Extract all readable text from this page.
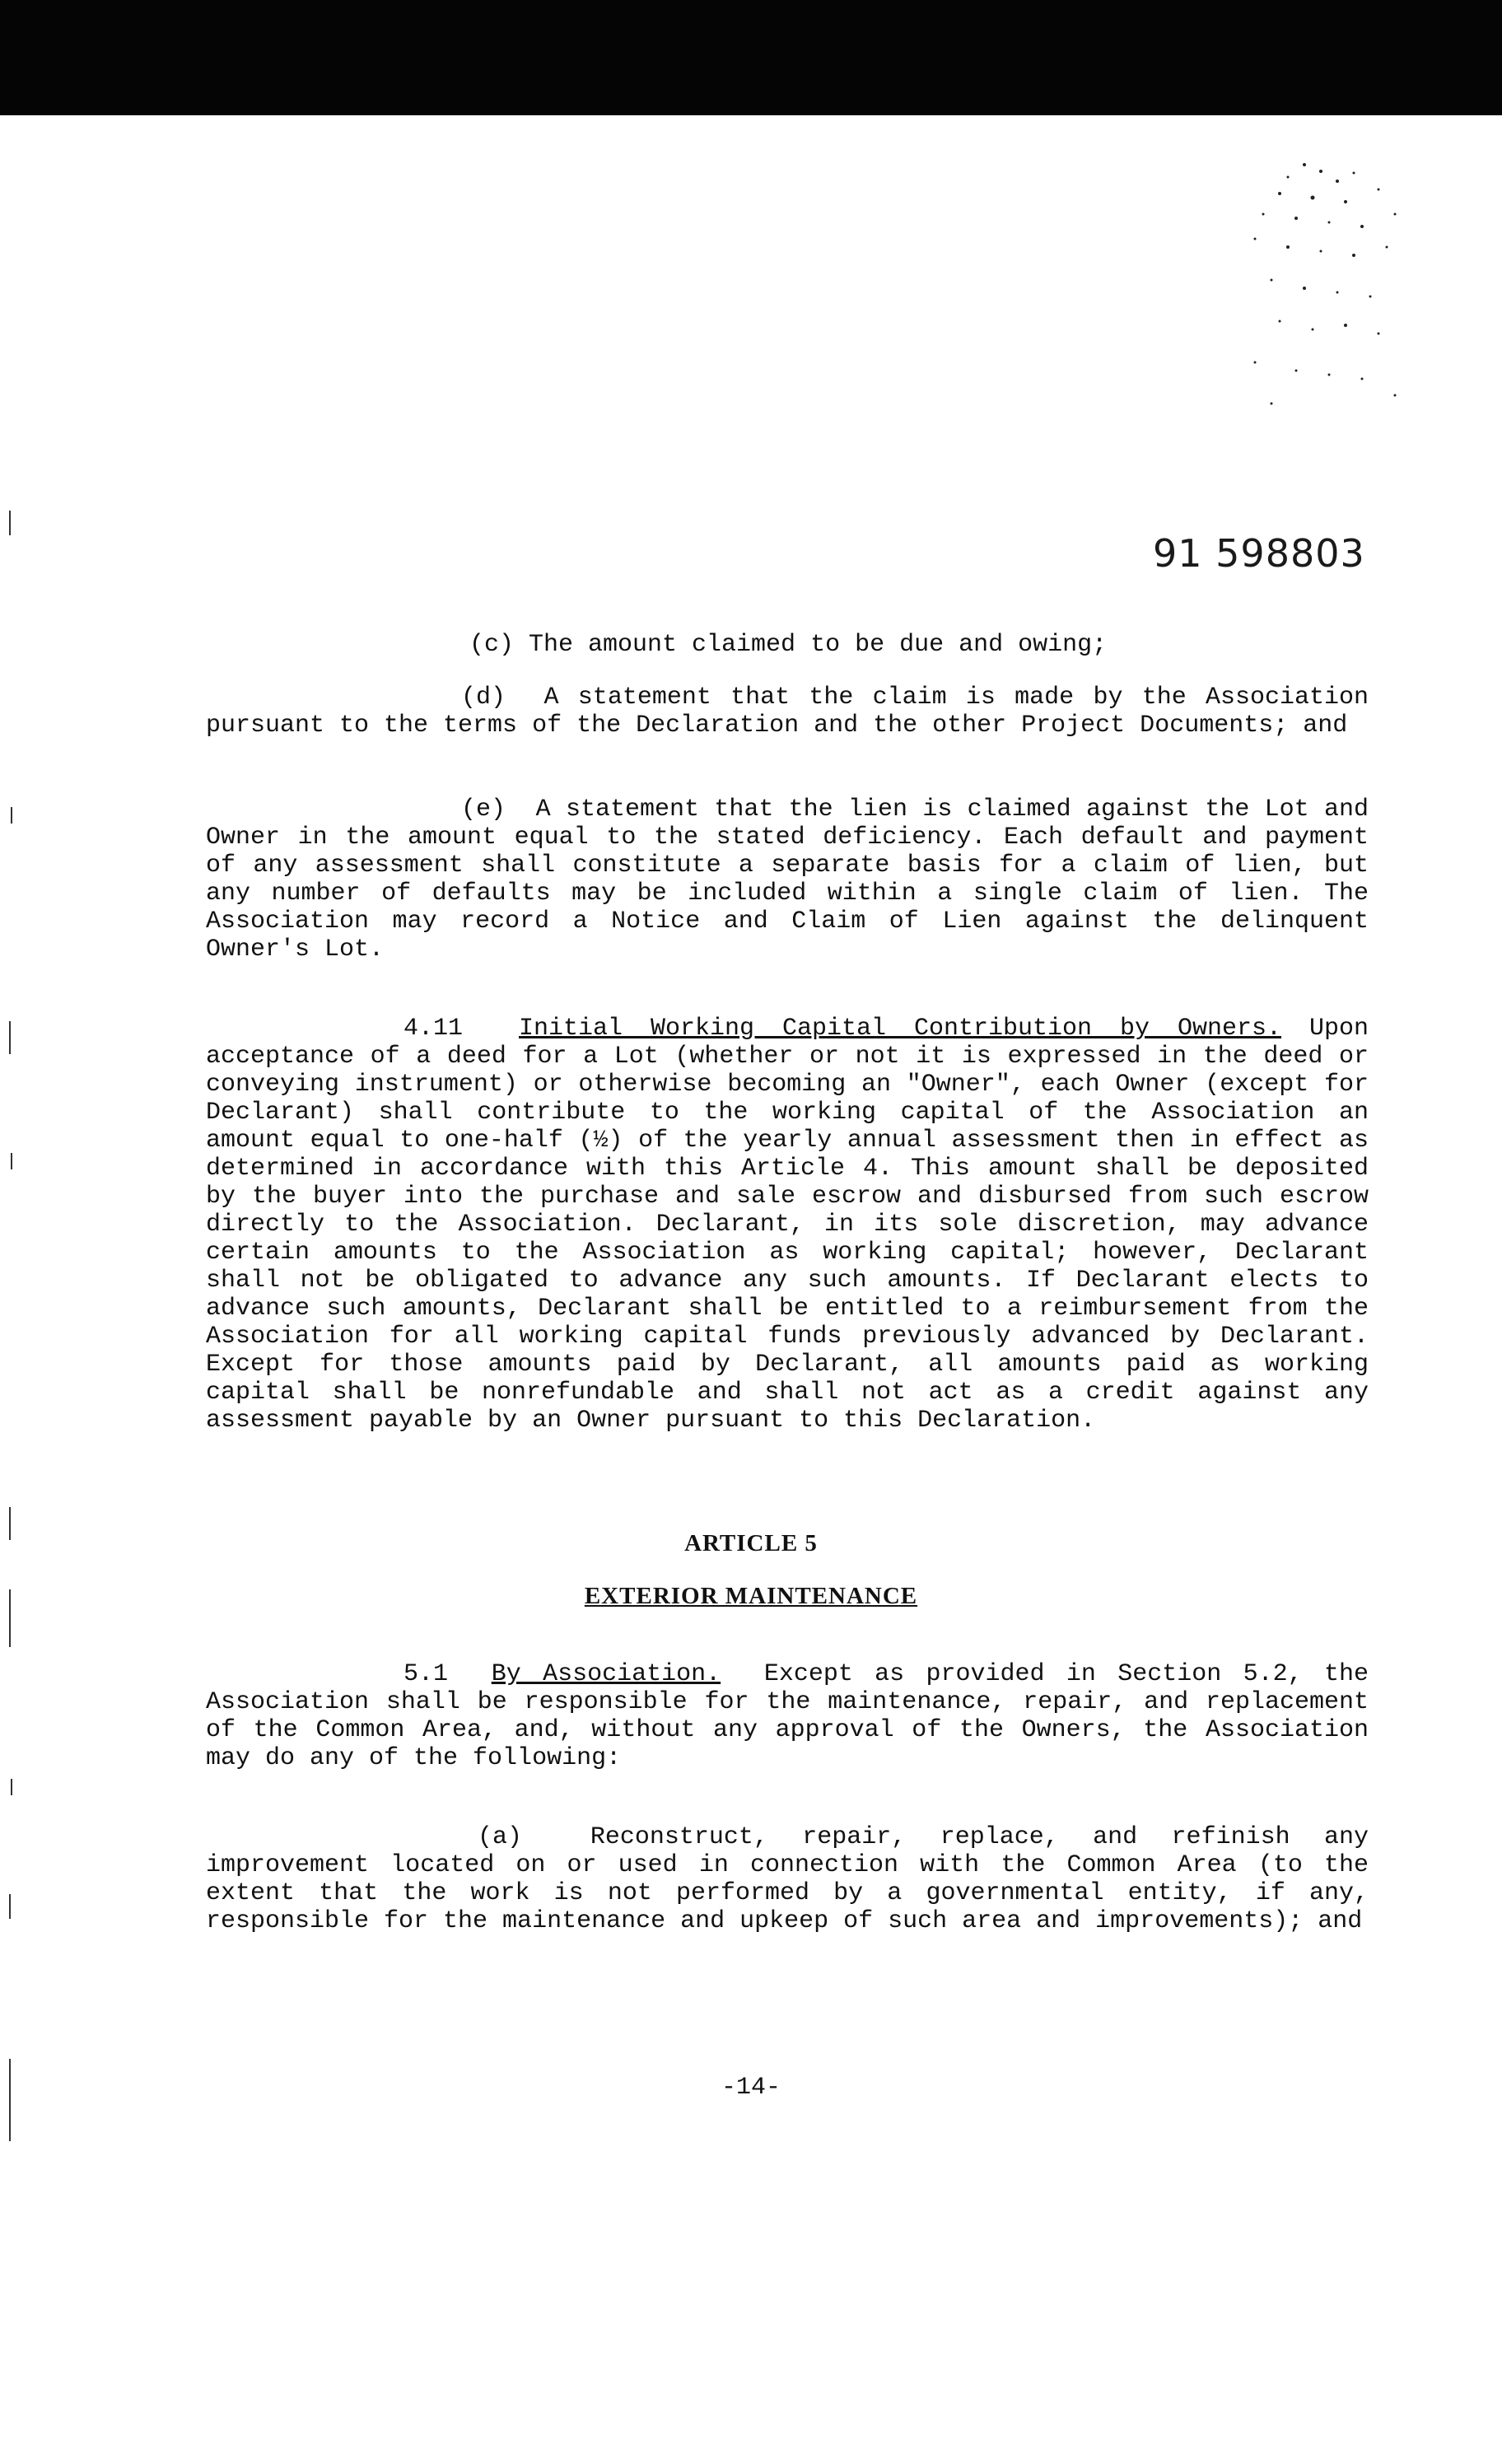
91 598803
(c) The amount claimed to be due and owing;
(d) A statement that the claim is made by the Association pursuant to the terms of the Declaration and the other Project Documents; and
(e) A statement that the lien is claimed against the Lot and Owner in the amount equal to the stated deficiency. Each default and payment of any assessment shall constitute a separate basis for a claim of lien, but any number of defaults may be included within a single claim of lien. The Association may record a Notice and Claim of Lien against the delinquent Owner's Lot.
4.11 Initial Working Capital Contribution by Owners. Upon acceptance of a deed for a Lot (whether or not it is expressed in the deed or conveying instrument) or otherwise becoming an "Owner", each Owner (except for Declarant) shall contribute to the working capital of the Association an amount equal to one-half (½) of the yearly annual assessment then in effect as determined in accordance with this Article 4. This amount shall be deposited by the buyer into the purchase and sale escrow and disbursed from such escrow directly to the Association. Declarant, in its sole discretion, may advance certain amounts to the Association as working capital; however, Declarant shall not be obligated to advance any such amounts. If Declarant elects to advance such amounts, Declarant shall be entitled to a reimbursement from the Association for all working capital funds previously advanced by Declarant. Except for those amounts paid by Declarant, all amounts paid as working capital shall be nonrefundable and shall not act as a credit against any assessment payable by an Owner pursuant to this Declaration.
ARTICLE 5
EXTERIOR MAINTENANCE
5.1 By Association. Except as provided in Section 5.2, the Association shall be responsible for the maintenance, repair, and replacement of the Common Area, and, without any approval of the Owners, the Association may do any of the following:
(a)	Reconstruct, repair, replace, and refinish any improvement located on or used in connection with the Common Area (to the extent that the work is not performed by a governmental entity, if any, responsible for the maintenance and upkeep of such area and improvements); and
-14-
